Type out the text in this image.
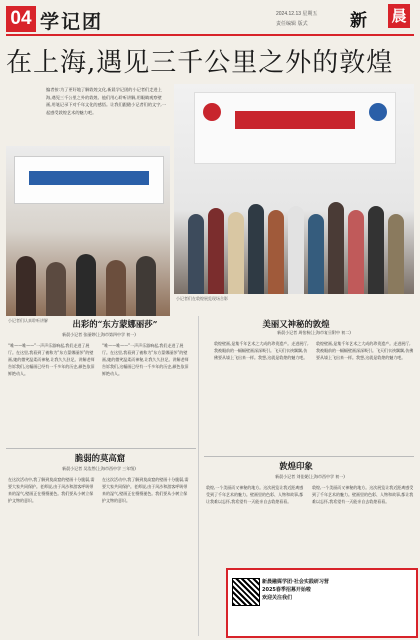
04 学记团	2024.12.13 星期五
责任编辑 版式 新 晨
在上海,遇见三千公里之外的敦煌
编者按:为了更好地了解敦煌文化,新晨学记团的小记者们走进上海,遇见三千公里之外的敦煌。他们用心聆听讲解,用眼睛观察壁画,用笔记录下对千年文化的感悟。让我们跟随小记者们的文字,一起感受敦煌艺术的魅力吧。
小记者们在敦煌展览现场合影
小记者们认真聆听讲解	出彩的“东方蒙娜丽莎”
新晨小记者 张丽婷(上海市第四中学 初一)
“唯——唯——”一声声乐器响起,我们走进了展厅。在这里,我看到了被称为“东方蒙娜丽莎”的壁画,她的微笑温柔而神秘,让我久久驻足。讲解老师告诉我们,这幅画已经有一千多年的历史,颜色依旧鲜艳动人。
“唯——唯——”一声声乐器响起,我们走进了展厅。在这里,我看到了被称为“东方蒙娜丽莎”的壁画,她的微笑温柔而神秘,让我久久驻足。讲解老师告诉我们,这幅画已经有一千多年的历史,颜色依旧鲜艳动人。
美丽又神秘的敦煌
新晨小记者 周怡秋(上海市复旦附中 初二)
敦煌壁画,是集千年艺术之大成的珍贵遗产。走进展厅,我被眼前的一幅幅壁画深深吸引。飞天们衣袂飘飘,仿佛要从墙上飞出来一样。我想,这就是敦煌的魅力吧。
敦煌壁画,是集千年艺术之大成的珍贵遗产。走进展厅,我被眼前的一幅幅壁画深深吸引。飞天们衣袂飘飘,仿佛要从墙上飞出来一样。我想,这就是敦煌的魅力吧。
脆弱的莫高窟
新晨小记者 吴浩然(上海市西中学 三年级)
在这次活动中,我了解到莫高窟的壁画十分脆弱,需要大家共同保护。老师说,由于风沙和游客呼吸带来的湿气,壁画正在慢慢褪色。我们要从小树立保护文物的意识。
在这次活动中,我了解到莫高窟的壁画十分脆弱,需要大家共同保护。老师说,由于风沙和游客呼吸带来的湿气,壁画正在慢慢褪色。我们要从小树立保护文物的意识。
敦煌印象
新晨小记者 刘佳妮(上海市西中学 初一)
敦煌,一个美丽而又神秘的地方。这次展览让我近距离感受到了千年艺术的魅力。壁画里的色彩、人物和故事,都让我难以忘怀,我希望有一天能亲自去敦煌看看。
敦煌,一个美丽而又神秘的地方。这次展览让我近距离感受到了千年艺术的魅力。壁画里的色彩、人物和故事,都让我难以忘怀,我希望有一天能亲自去敦煌看看。
新晨融媒学团·社会实践研习营
2025春季招募开始啦
欢迎关注我们
